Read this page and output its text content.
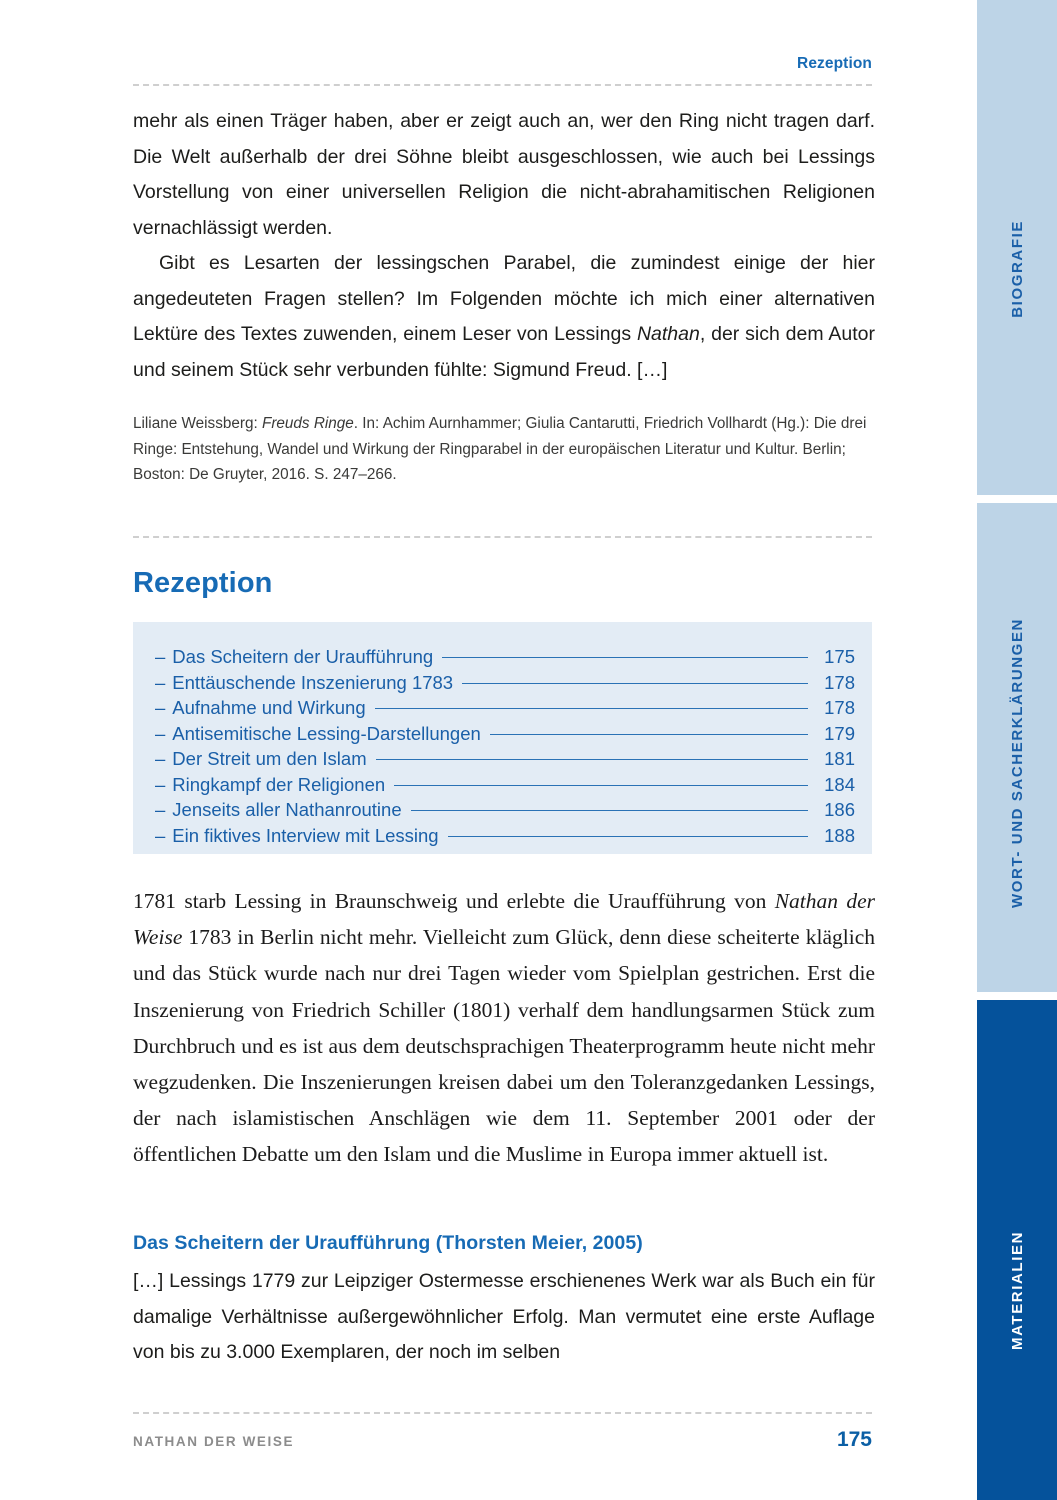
BIOGRAFIE
WORT- UND SACHERKLÄRUNGEN
MATERIALIEN
Rezeption

mehr als einen Träger haben, aber er zeigt auch an, wer den Ring nicht tragen darf. Die Welt außerhalb der drei Söhne bleibt ausgeschlossen, wie auch bei Lessings Vorstellung von einer universellen Religion die nicht-abrahamitischen Religionen vernachlässigt werden.

Gibt es Lesarten der lessingschen Parabel, die zumindest einige der hier angedeuteten Fragen stellen? Im Folgenden möchte ich mich einer alternativen Lektüre des Textes zuwenden, einem Leser von Lessings Nathan, der sich dem Autor und seinem Stück sehr verbunden fühlte: Sigmund Freud. […]

Liliane Weissberg: Freuds Ringe. In: Achim Aurnhammer; Giulia Cantarutti, Friedrich Vollhardt (Hg.): Die drei Ringe: Entstehung, Wandel und Wirkung der Ringparabel in der europäischen Literatur und Kultur. Berlin; Boston: De Gruyter, 2016. S. 247–266.
Rezeption
– Das Scheitern der Uraufführung	175
– Enttäuschende Inszenierung 1783	178
– Aufnahme und Wirkung	178
– Antisemitische Lessing-Darstellungen	179
– Der Streit um den Islam	181
– Ringkampf der Religionen	184
– Jenseits aller Nathanroutine	186
– Ein fiktives Interview mit Lessing	188

1781 starb Lessing in Braunschweig und erlebte die Uraufführung von Nathan der Weise 1783 in Berlin nicht mehr. Vielleicht zum Glück, denn diese scheiterte kläglich und das Stück wurde nach nur drei Tagen wieder vom Spielplan gestrichen. Erst die Inszenierung von Friedrich Schiller (1801) verhalf dem handlungsarmen Stück zum Durchbruch und es ist aus dem deutschsprachigen Theaterprogramm heute nicht mehr wegzudenken. Die Inszenierungen kreisen dabei um den Toleranzgedanken Lessings, der nach islamistischen Anschlägen wie dem 11. September 2001 oder der öffentlichen Debatte um den Islam und die Muslime in Europa immer aktuell ist.

Das Scheitern der Uraufführung (Thorsten Meier, 2005)

[…] Lessings 1779 zur Leipziger Ostermesse erschienenes Werk war als Buch ein für damalige Verhältnisse außergewöhnlicher Erfolg. Man vermutet eine erste Auflage von bis zu 3.000 Exemplaren, der noch im selben

NATHAN DER WEISE	175
